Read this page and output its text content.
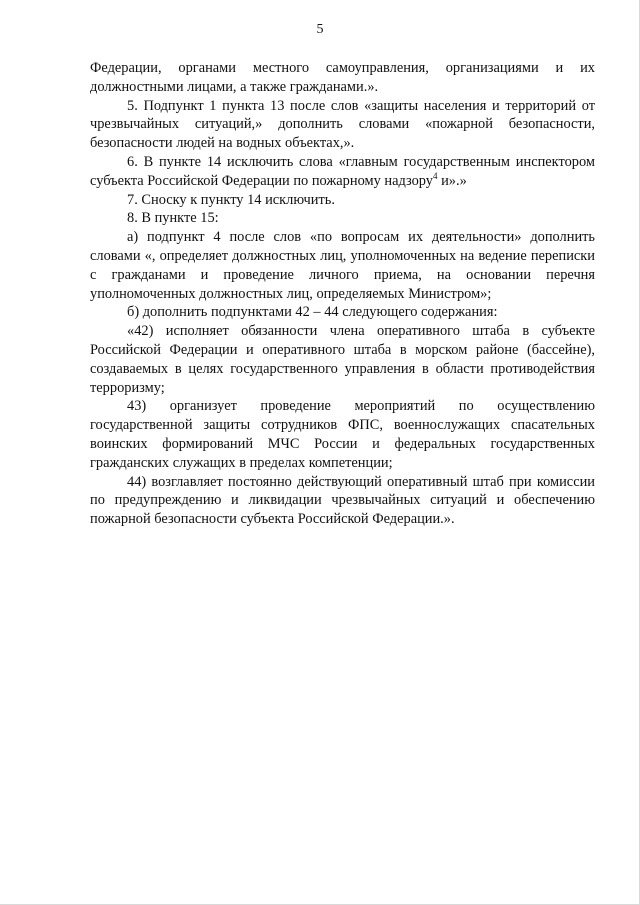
5

Федерации, органами местного самоуправления, организациями и их должностными лицами, а также гражданами.».

5. Подпункт 1 пункта 13 после слов «защиты населения и территорий от чрезвычайных ситуаций,» дополнить словами «пожарной безопасности, безопасности людей на водных объектах,».

6. В пункте 14 исключить слова «главным государственным инспектором субъекта Российской Федерации по пожарному надзору$^4$ и».»

7. Сноску к пункту 14 исключить.

8. В пункте 15:

а) подпункт 4 после слов «по вопросам их деятельности» дополнить словами «, определяет должностных лиц, уполномоченных на ведение переписки с гражданами и проведение личного приема, на основании перечня уполномоченных должностных лиц, определяемых Министром»;

б) дополнить подпунктами 42 – 44 следующего содержания:

«42) исполняет обязанности члена оперативного штаба в субъекте Российской Федерации и оперативного штаба в морском районе (бассейне), создаваемых в целях государственного управления в области противодействия терроризму;

43) организует проведение мероприятий по осуществлению государственной защиты сотрудников ФПС, военнослужащих спасательных воинских формирований МЧС России и федеральных государственных гражданских служащих в пределах компетенции;

44) возглавляет постоянно действующий оперативный штаб при комиссии по предупреждению и ликвидации чрезвычайных ситуаций и обеспечению пожарной безопасности субъекта Российской Федерации.».
